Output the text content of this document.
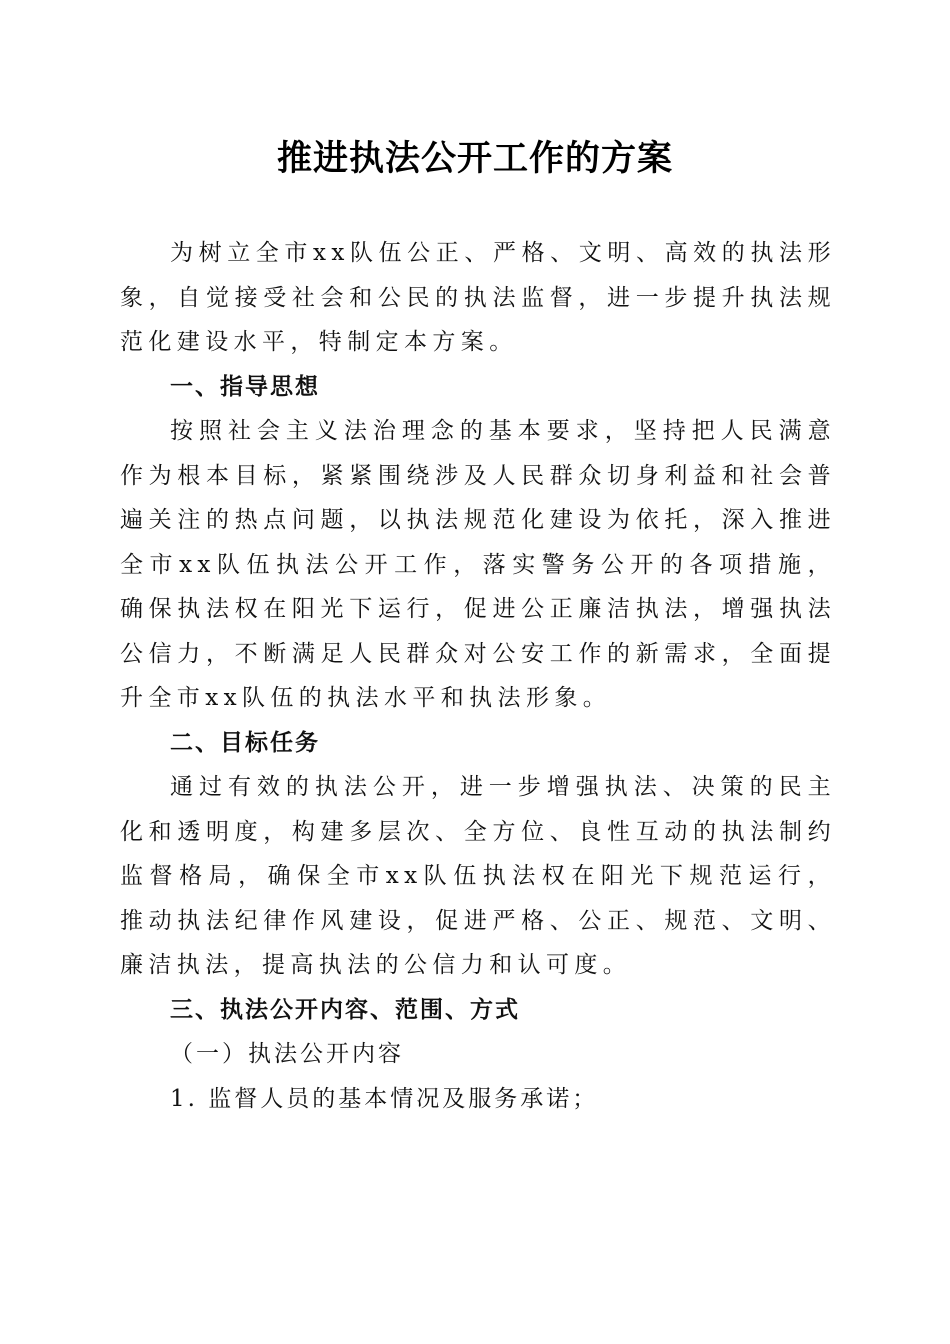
推进执法公开工作的方案

为树立全市xx队伍公正、严格、文明、高效的执法形象，自觉接受社会和公民的执法监督，进一步提升执法规范化建设水平，特制定本方案。

一、指导思想

按照社会主义法治理念的基本要求，坚持把人民满意作为根本目标，紧紧围绕涉及人民群众切身利益和社会普遍关注的热点问题，以执法规范化建设为依托，深入推进全市xx队伍执法公开工作，落实警务公开的各项措施，确保执法权在阳光下运行，促进公正廉洁执法，增强执法公信力，不断满足人民群众对公安工作的新需求，全面提升全市xx队伍的执法水平和执法形象。

二、目标任务

通过有效的执法公开，进一步增强执法、决策的民主化和透明度，构建多层次、全方位、良性互动的执法制约监督格局，确保全市xx队伍执法权在阳光下规范运行，推动执法纪律作风建设，促进严格、公正、规范、文明、廉洁执法，提高执法的公信力和认可度。

三、执法公开内容、范围、方式

（一）执法公开内容

1. 监督人员的基本情况及服务承诺；
